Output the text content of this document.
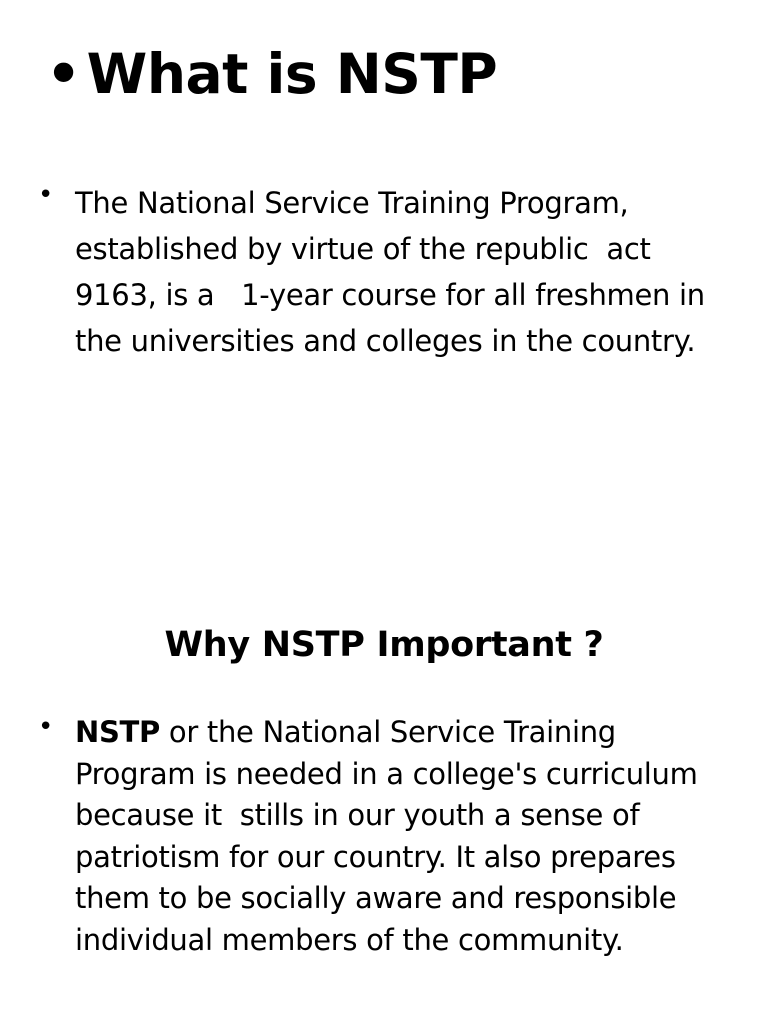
• What is NSTP
• The National Service Training Program, established by virtue of the republic  act 9163, is a   1-year course for all freshmen in the universities and colleges in the country.
Why NSTP Important ?
• NSTP or the National Service Training Program is needed in a college's curriculum because it  stills in our youth a sense of patriotism for our country. It also prepares them to be socially aware and responsible individual members of the community.
